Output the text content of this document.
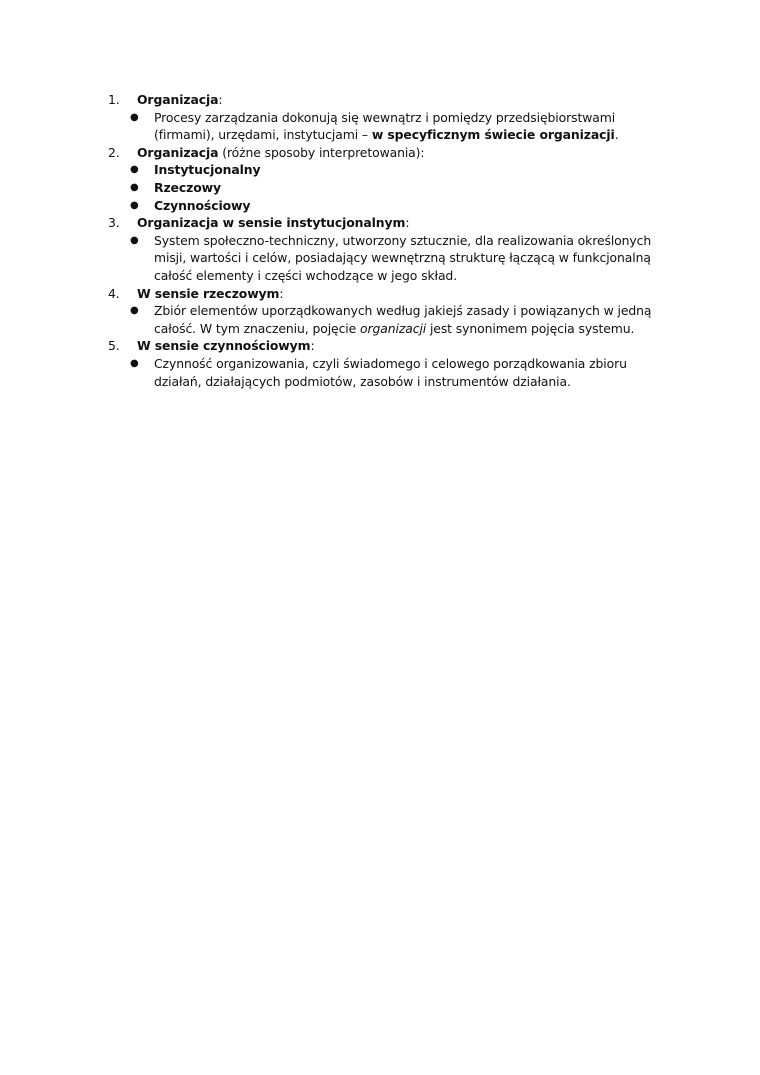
1.	Organizacja:
● Procesy zarządzania dokonują się wewnątrz i pomiędzy przedsiębiorstwami (firmami), urzędami, instytucjami – w specyficznym świecie organizacji.
2.	Organizacja (różne sposoby interpretowania):
● Instytucjonalny
● Rzeczowy
● Czynnościowy
3.	Organizacja w sensie instytucjonalnym:
● System społeczno-techniczny, utworzony sztucznie, dla realizowania określonych misji, wartości i celów, posiadający wewnętrzną strukturę łączącą w funkcjonalną całość elementy i części wchodzące w jego skład.
4.	W sensie rzeczowym:
● Zbiór elementów uporządkowanych według jakiejś zasady i powiązanych w jedną całość. W tym znaczeniu, pojęcie organizacji jest synonimem pojęcia systemu.
5.	W sensie czynnościowym:
● Czynność organizowania, czyli świadomego i celowego porządkowania zbioru działań, działających podmiotów, zasobów i instrumentów działania.
